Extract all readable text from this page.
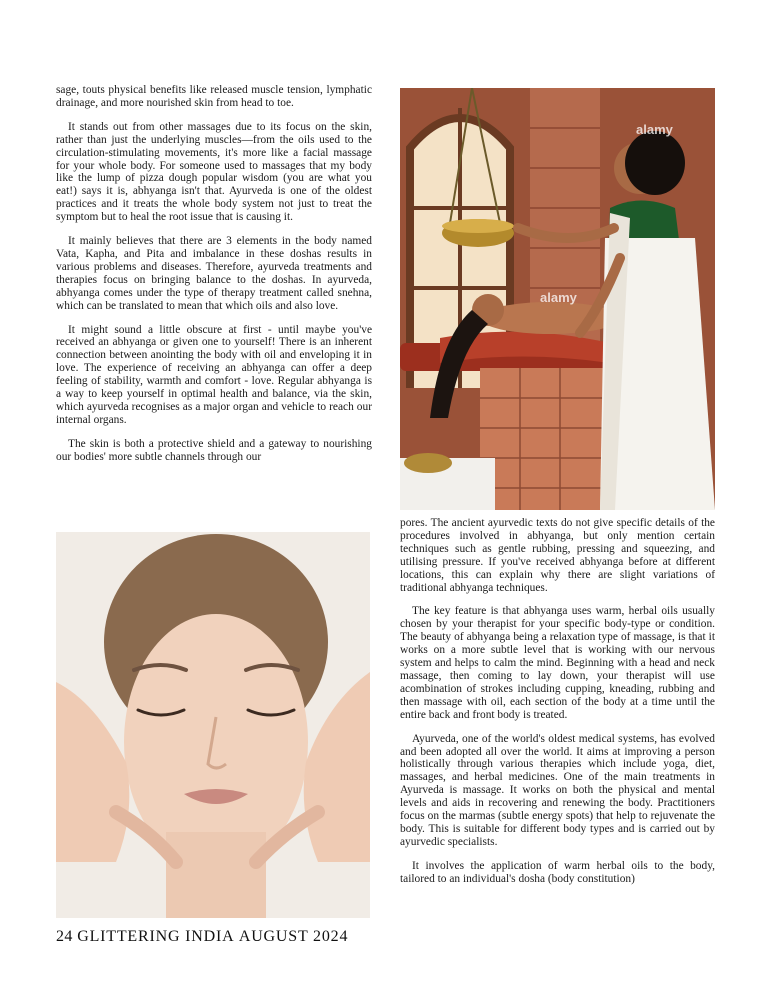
sage, touts physical benefits like released muscle tension, lymphatic drainage, and more nourished skin from head to toe.

It stands out from other massages due to its focus on the skin, rather than just the underlying muscles—from the oils used to the circulation-stimulating movements, it's more like a facial massage for your whole body. For someone used to massages that my body like the lump of pizza dough popular wisdom (you are what you eat!) says it is, abhyanga isn't that. Ayurveda is one of the oldest practices and it treats the whole body system not just to treat the symptom but to heal the root issue that is causing it.

It mainly believes that there are 3 elements in the body named Vata, Kapha, and Pita and imbalance in these doshas results in various problems and diseases. Therefore, ayurveda treatments and therapies focus on bringing balance to the doshas. In ayurveda, abhyanga comes under the type of therapy treatment called snehna, which can be translated to mean that which oils and also love.

It might sound a little obscure at first - until maybe you've received an abhyanga or given one to yourself! There is an inherent connection between anointing the body with oil and enveloping it in love. The experience of receiving an abhyanga can offer a deep feeling of stability, warmth and comfort - love. Regular abhyanga is a way to keep yourself in optimal health and balance, via the skin, which ayurveda recognises as a major organ and vehicle to reach our internal organs.

The skin is both a protective shield and a gateway to nourishing our bodies' more subtle channels through our

alamy
alamy

pores. The ancient ayurvedic texts do not give specific details of the procedures involved in abhyanga, but only mention certain techniques such as gentle rubbing, pressing and squeezing, and utilising pressure. If you've received abhyanga before at different locations, this can explain why there are slight variations of traditional abhyanga techniques.

The key feature is that abhyanga uses warm, herbal oils usually chosen by your therapist for your specific body-type or condition. The beauty of abhyanga being a relaxation type of massage, is that it works on a more subtle level that is working with our nervous system and helps to calm the mind. Beginning with a head and neck massage, then coming to lay down, your therapist will use acombination of strokes including cupping, kneading, rubbing and then massage with oil, each section of the body at a time until the entire back and front body is treated.

Ayurveda, one of the world's oldest medical systems, has evolved and been adopted all over the world. It aims at improving a person holistically through various therapies which include yoga, diet, massages, and herbal medicines. One of the main treatments in Ayurveda is massage. It works on both the physical and mental levels and aids in recovering and renewing the body. Practitioners focus on the marmas (subtle energy spots) that help to rejuvenate the body. This is suitable for different body types and is carried out by ayurvedic specialists.

It involves the application of warm herbal oils to the body, tailored to an individual's dosha (body constitution)

24 GLITTERING INDIA AUGUST 2024
